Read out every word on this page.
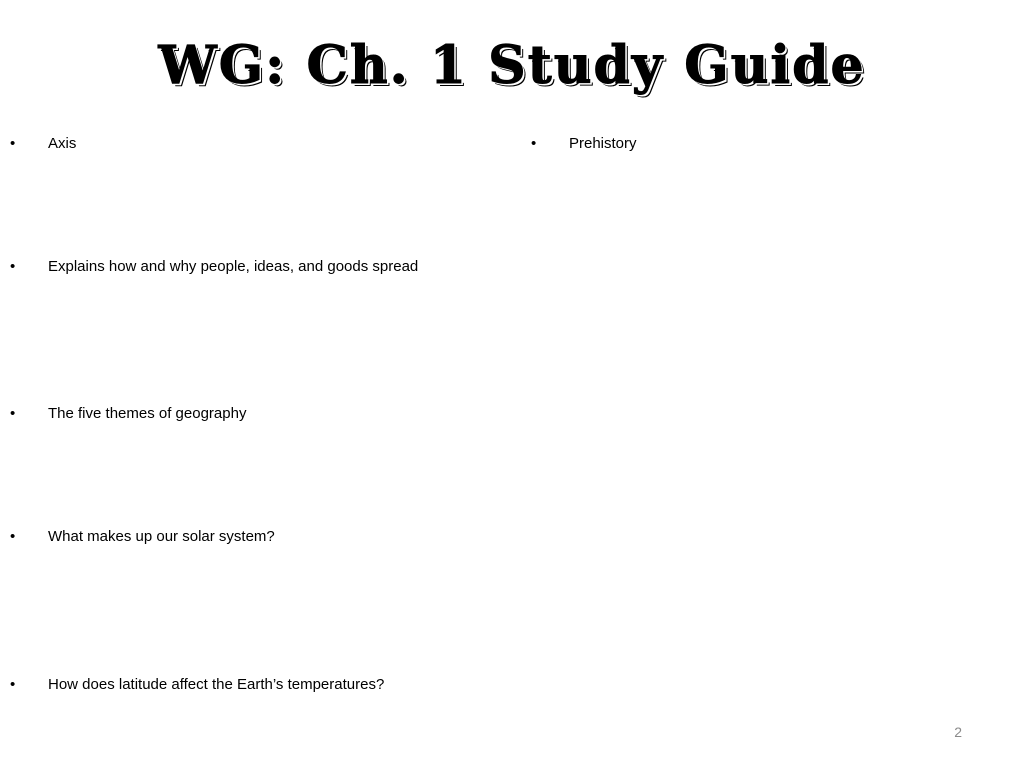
WG: Ch. 1 Study Guide
• Axis
• Explains how and why people, ideas, and goods spread
• The five themes of geography
• What makes up our solar system?
• How does latitude affect the Earth’s temperatures?
• Prehistory
2
